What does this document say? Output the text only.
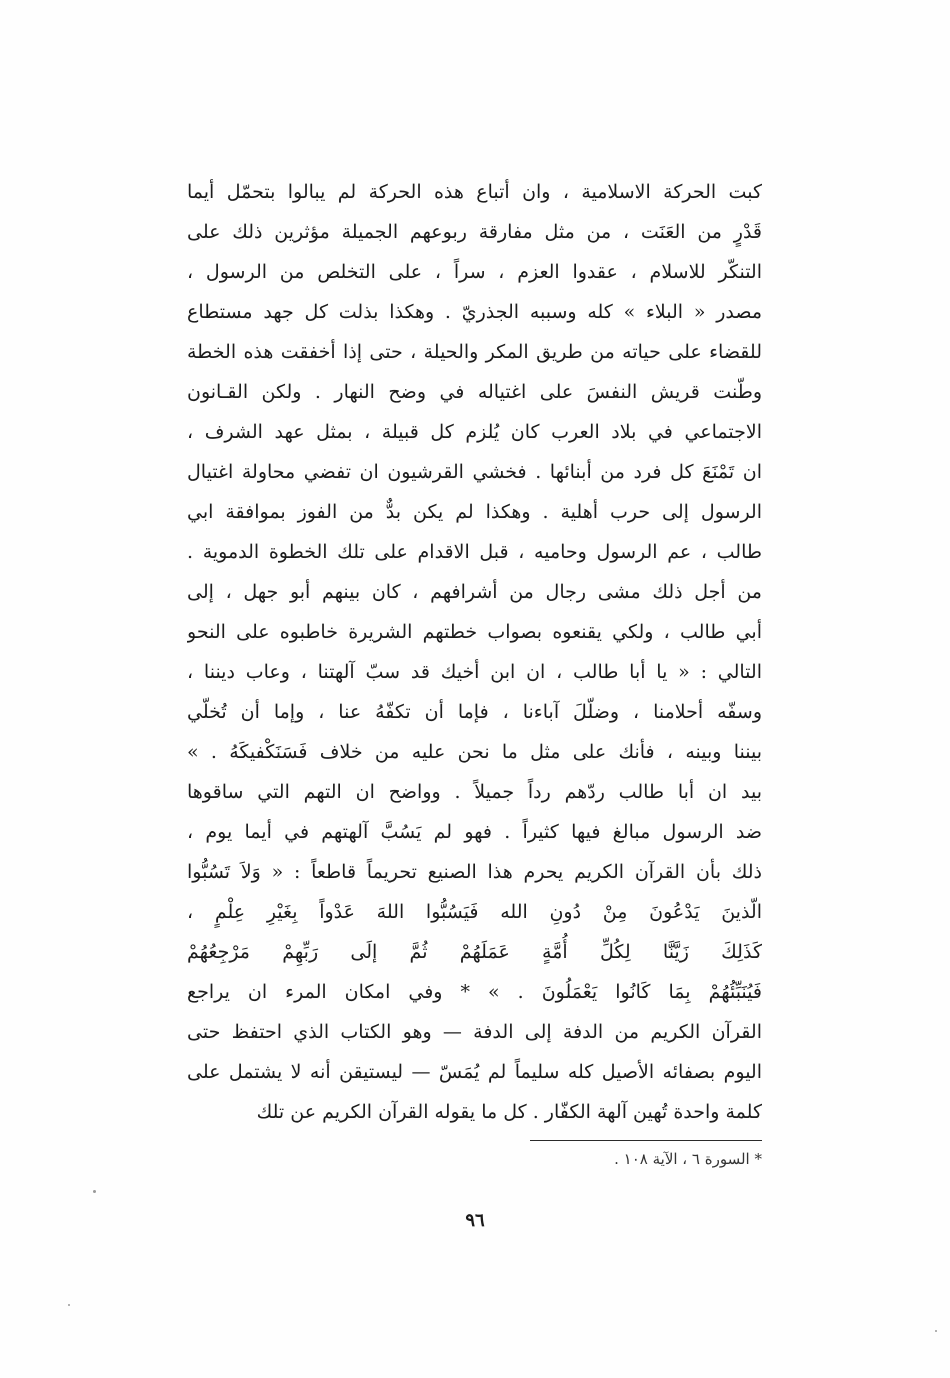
كبت الحركة الاسلامية ، وان أتباع هذه الحركة لم يبالوا بتحمّل أيما
قَدْرٍ من العَنَت ، من مثل مفارقة ربوعهم الجميلة مؤثرين ذلك على
التنكّر للاسلام ، عقدوا العزم ، سراً ، على التخلص من الرسول ،
مصدر « البلاء » كله وسببه الجذريّ . وهكذا بذلت كل جهد مستطاع
للقضاء على حياته من طريق المكر والحيلة ، حتى إذا أخفقت هذه الخطة
وطّنت قريش النفسَ على اغتياله في وضح النهار . ولكن القـانون
الاجتماعي في بلاد العرب كان يُلزم كل قبيلة ، بمثل عهد الشرف ،
ان تَمْنَعَ كل فرد من أبنائها . فخشي القرشيون ان تفضي محاولة اغتيال
الرسول إلى حرب أهلية . وهكذا لم يكن بدٌّ من الفوز بموافقة ابي
طالب ، عم الرسول وحاميه ، قبل الاقدام على تلك الخطوة الدموية .
من أجل ذلك مشى رجال من أشرافهم ، كان بينهم أبو جهل ، إلى
أبي طالب ، ولكي يقنعوه بصواب خطتهم الشريرة خاطبوه على النحو
التالي : « يا أبا طالب ، ان ابن أخيك قد سبّ آلهتنا ، وعاب ديننا ،
وسفّه أحلامنا ، وضلّلَ آباءنا ، فإما أن تكفّهُ عنا ، وإما أن تُخلّي
بيننا وبينه ، فأنك على مثل ما نحن عليه من خلاف فَسَنَكْفيكَهُ . »
بيد ان أبا طالب ردّهم رداً جميلاً . وواضح ان التهم التي ساقوها
ضد الرسول مبالغ فيها كثيراً . فهو لم يَسُبَّ آلهتهم في أيما يوم ،
ذلك بأن القرآن الكريم يحرم هذا الصنيع تحريماً قاطعاً : « وَلاَ تَسُبُّوا
الّذينَ يَدْعُونَ مِنْ دُونِ الله فَيَسُبُّوا اللهَ عَدْواً بِغَيْرِ عِلْمٍ ،
كَذَلِكَ زَيَّنَّا لِكُلِّ أُمَّةٍ عَمَلَهُمْ ثُمَّ إلَى رَبِّهِمْ مَرْجِعُهُمْ
فَيُنَبِّئُهُمْ بِمَا كَانُوا يَعْمَلُونَ . » * وفي امكان المرء ان يراجع
القرآن الكريم من الدفة إلى الدفة — وهو الكتاب الذي احتفظ حتى
اليوم بصفائه الأصيل كله سليماً لم يُمَسّ — ليستيقن أنه لا يشتمل على
كلمة واحدة تُهين آلهة الكفّار . كل ما يقوله القرآن الكريم عن تلك
* السورة ٦ ، الآية ١٠٨ .
٩٦
